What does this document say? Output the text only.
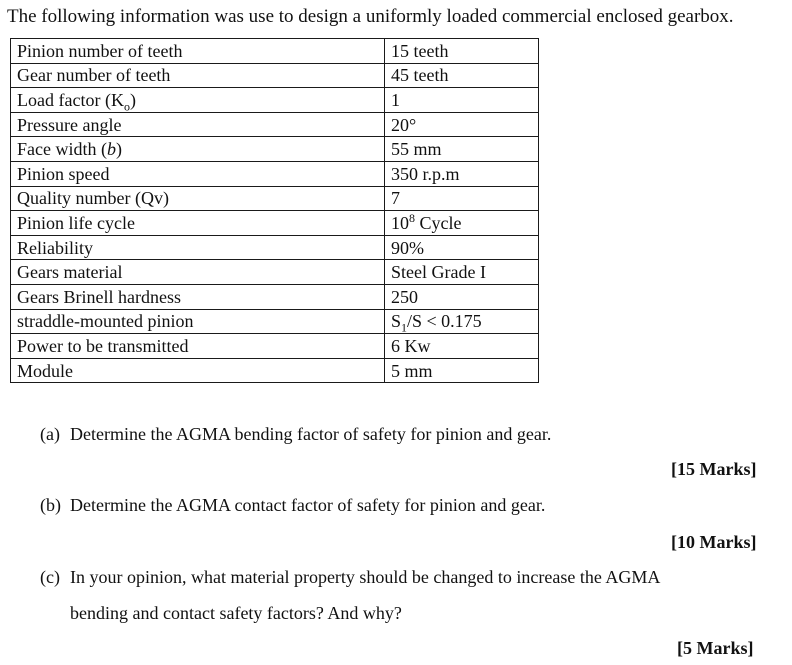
The following information was use to design a uniformly loaded commercial enclosed gearbox.
Pinion number of teeth	15 teeth
Gear number of teeth	45 teeth
Load factor $(K_o)$	1
Pressure angle	20°
Face width (b)	55 mm
Pinion speed	350 r.p.m
Quality number (Qv)	7
Pinion life cycle	$10^8$ Cycle
Reliability	90%
Gears material	Steel Grade I
Gears Brinell hardness	250
straddle-mounted pinion	$S_1/S < 0.175$
Power to be transmitted	6 Kw
Module	5 mm
(a) Determine the AGMA bending factor of safety for pinion and gear.
[15 Marks]
(b) Determine the AGMA contact factor of safety for pinion and gear.
[10 Marks]
(c) In your opinion, what material property should be changed to increase the AGMA
bending and contact safety factors? And why?
[5 Marks]
